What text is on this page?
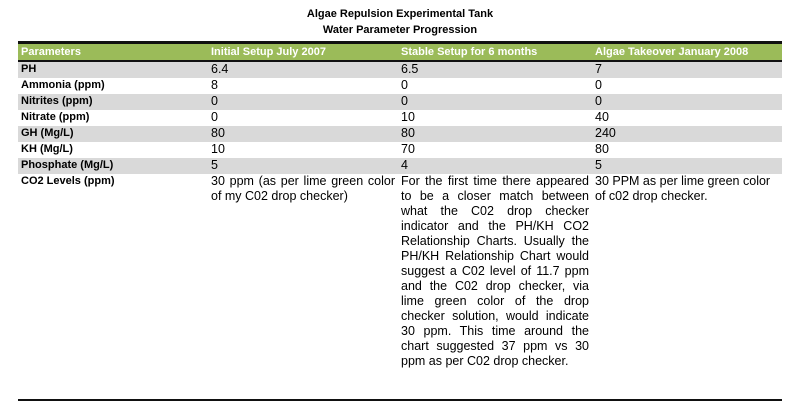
Algae Repulsion Experimental Tank
Water Parameter Progression
Parameters	Initial Setup July 2007	Stable Setup for 6 months	Algae Takeover January 2008
PH	6.4	6.5	7
Ammonia (ppm)	8	0	0
Nitrites (ppm)	0	0	0
Nitrate (ppm)	0	10	40
GH (Mg/L)	80	80	240
KH (Mg/L)	10	70	80
Phosphate (Mg/L)	5	4	5
CO2 Levels (ppm)	30 ppm (as per lime green color of my C02 drop checker)	For the first time there appeared to be a closer match between what the C02 drop checker indicator and the PH/KH CO2 Relationship Charts. Usually the PH/KH Relationship Chart would suggest a C02 level of 11.7 ppm and the C02 drop checker, via lime green color of the drop checker solution, would indicate 30 ppm. This time around the chart suggested 37 ppm vs 30 ppm as per C02 drop checker.	30 PPM as per lime green color of c02 drop checker.
